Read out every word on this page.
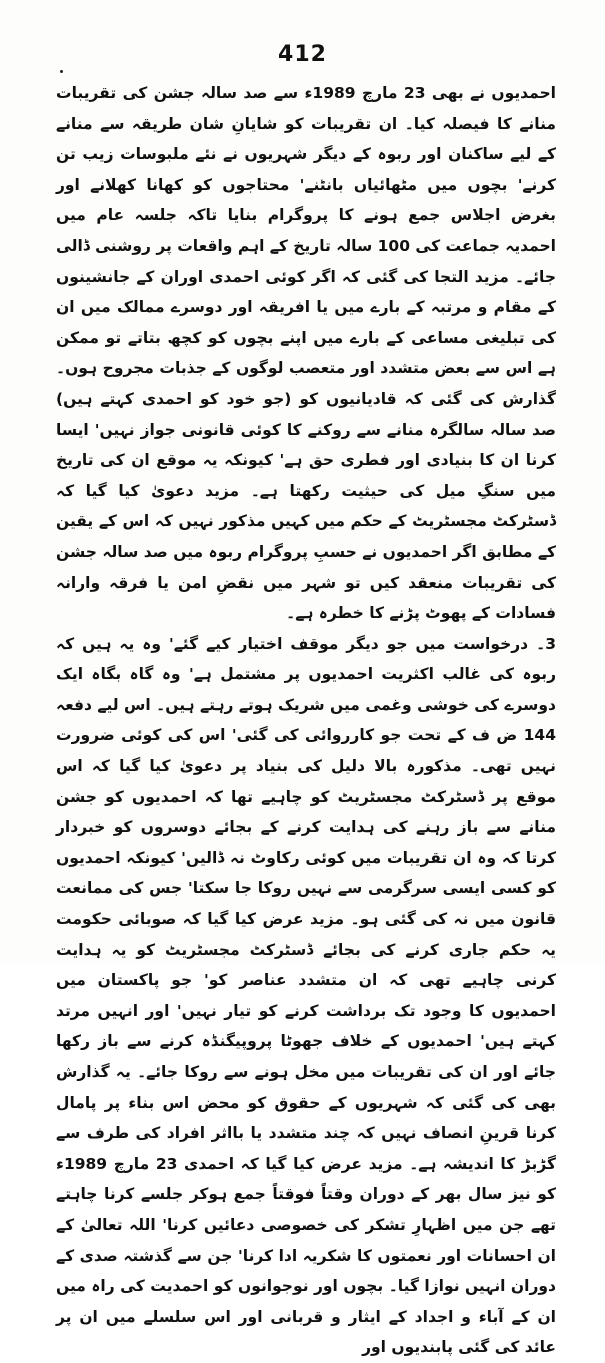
412

احمدیوں نے بھی 23 مارچ 1989ء سے صد سالہ جشن کی تقریبات منانے کا فیصلہ کیا۔ ان تقریبات کو شایانِ شان طریقہ سے منانے کے لیے ساکنان اور ربوہ کے دیگر شہریوں نے نئے ملبوسات زیب تن کرنے' بچوں میں مٹھائیاں بانٹنے' محتاجوں کو کھانا کھلانے اور بغرض اجلاس جمع ہونے کا پروگرام بنایا تاکہ جلسہ عام میں احمدیہ جماعت کی 100 سالہ تاریخ کے اہم واقعات پر روشنی ڈالی جائے۔ مزید التجا کی گئی کہ اگر کوئی احمدی اوران کے جانشینوں کے مقام و مرتبہ کے بارے میں یا افریقہ اور دوسرے ممالک میں ان کی تبلیغی مساعی کے بارے میں اپنے بچوں کو کچھ بتاتے تو ممکن ہے اس سے بعض متشدد اور متعصب لوگوں کے جذبات مجروح ہوں۔ گذارش کی گئی کہ قادیانیوں کو (جو خود کو احمدی کہتے ہیں) صد سالہ سالگرہ منانے سے روکنے کا کوئی قانونی جواز نہیں' ایسا کرنا ان کا بنیادی اور فطری حق ہے' کیونکہ یہ موقع ان کی تاریخ میں سنگِ میل کی حیثیت رکھتا ہے۔ مزید دعویٰ کیا گیا کہ ڈسٹرکٹ مجسٹریٹ کے حکم میں کہیں مذکور نہیں کہ اس کے یقین کے مطابق اگر احمدیوں نے حسبِ پروگرام ربوہ میں صد سالہ جشن کی تقریبات منعقد کیں تو شہر میں نقضِ امن یا فرقہ وارانہ فسادات کے پھوٹ پڑنے کا خطرہ ہے۔

3۔ درخواست میں جو دیگر موقف اختیار کیے گئے' وہ یہ ہیں کہ ربوہ کی غالب اکثریت احمدیوں پر مشتمل ہے' وہ گاہ بگاہ ایک دوسرے کی خوشی وغمی میں شریک ہوتے رہتے ہیں۔ اس لیے دفعہ 144 ض ف کے تحت جو کارروائی کی گئی' اس کی کوئی ضرورت نہیں تھی۔ مذکورہ بالا دلیل کی بنیاد پر دعویٰ کیا گیا کہ اس موقع پر ڈسٹرکٹ مجسٹریٹ کو چاہیے تھا کہ احمدیوں کو جشن منانے سے باز رہنے کی ہدایت کرنے کے بجائے دوسروں کو خبردار کرتا کہ وہ ان تقریبات میں کوئی رکاوٹ نہ ڈالیں' کیونکہ احمدیوں کو کسی ایسی سرگرمی سے نہیں روکا جا سکتا' جس کی ممانعت قانون میں نہ کی گئی ہو۔ مزید عرض کیا گیا کہ صوبائی حکومت یہ حکم جاری کرنے کی بجائے ڈسٹرکٹ مجسٹریٹ کو یہ ہدایت کرنی چاہیے تھی کہ ان متشدد عناصر کو' جو پاکستان میں احمدیوں کا وجود تک برداشت کرنے کو تیار نہیں' اور انہیں مرتد کہتے ہیں' احمدیوں کے خلاف جھوٹا پروپیگنڈہ کرنے سے باز رکھا جائے اور ان کی تقریبات میں مخل ہونے سے روکا جائے۔ یہ گذارش بھی کی گئی کہ شہریوں کے حقوق کو محض اس بناء پر پامال کرنا قرینِ انصاف نہیں کہ چند متشدد یا بااثر افراد کی طرف سے گڑبڑ کا اندیشہ ہے۔ مزید عرض کیا گیا کہ احمدی 23 مارچ 1989ء کو نیز سال بھر کے دوران وقتاً فوقتاً جمع ہوکر جلسے کرنا چاہتے تھے جن میں اظہارِ تشکر کی خصوصی دعائیں کرنا' اللہ تعالیٰ کے ان احسانات اور نعمتوں کا شکریہ ادا کرنا' جن سے گذشتہ صدی کے دوران انہیں نوازا گیا۔ بچوں اور نوجوانوں کو احمدیت کی راہ میں ان کے آباء و اجداد کے ایثار و قربانی اور اس سلسلے میں ان پر عائد کی گئی پابندیوں اور
